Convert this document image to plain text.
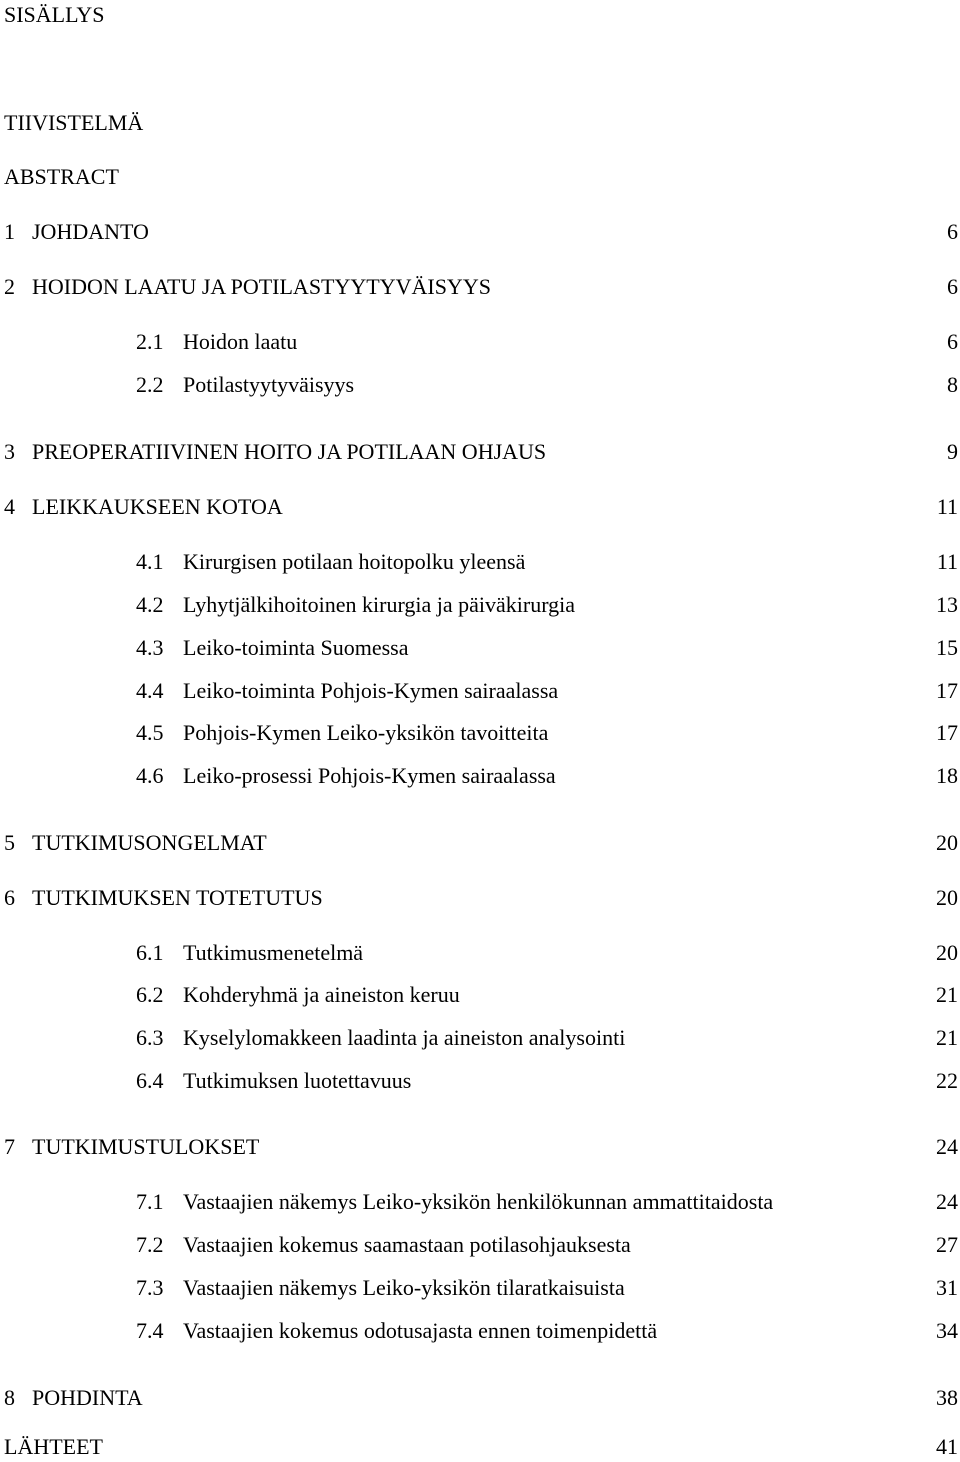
SISÄLLYS
TIIVISTELMÄ
ABSTRACT
1 JOHDANTO	6
2 HOIDON LAATU JA POTILASTYYTYVÄISYYS	6
2.1 Hoidon laatu	6
2.2 Potilastyytyväisyys	8
3 PREOPERATIIVINEN HOITO JA POTILAAN OHJAUS	9
4 LEIKKAUKSEEN KOTOA	11
4.1 Kirurgisen potilaan hoitopolku yleensä	11
4.2 Lyhytjälkihoitoinen kirurgia ja päiväkirurgia	13
4.3 Leiko-toiminta Suomessa	15
4.4 Leiko-toiminta Pohjois-Kymen sairaalassa	17
4.5 Pohjois-Kymen Leiko-yksikön tavoitteita	17
4.6 Leiko-prosessi Pohjois-Kymen sairaalassa	18
5 TUTKIMUSONGELMAT	20
6 TUTKIMUKSEN TOTETUTUS	20
6.1 Tutkimusmenetelmä	20
6.2 Kohderyhmä ja aineiston keruu	21
6.3 Kyselylomakkeen laadinta ja aineiston analysointi	21
6.4 Tutkimuksen luotettavuus	22
7 TUTKIMUSTULOKSET	24
7.1 Vastaajien näkemys Leiko-yksikön henkilökunnan ammattitaidosta	24
7.2 Vastaajien kokemus saamastaan potilasohjauksesta	27
7.3 Vastaajien näkemys Leiko-yksikön tilaratkaisuista	31
7.4 Vastaajien kokemus odotusajasta ennen toimenpidettä	34
8 POHDINTA	38
LÄHTEET	41
